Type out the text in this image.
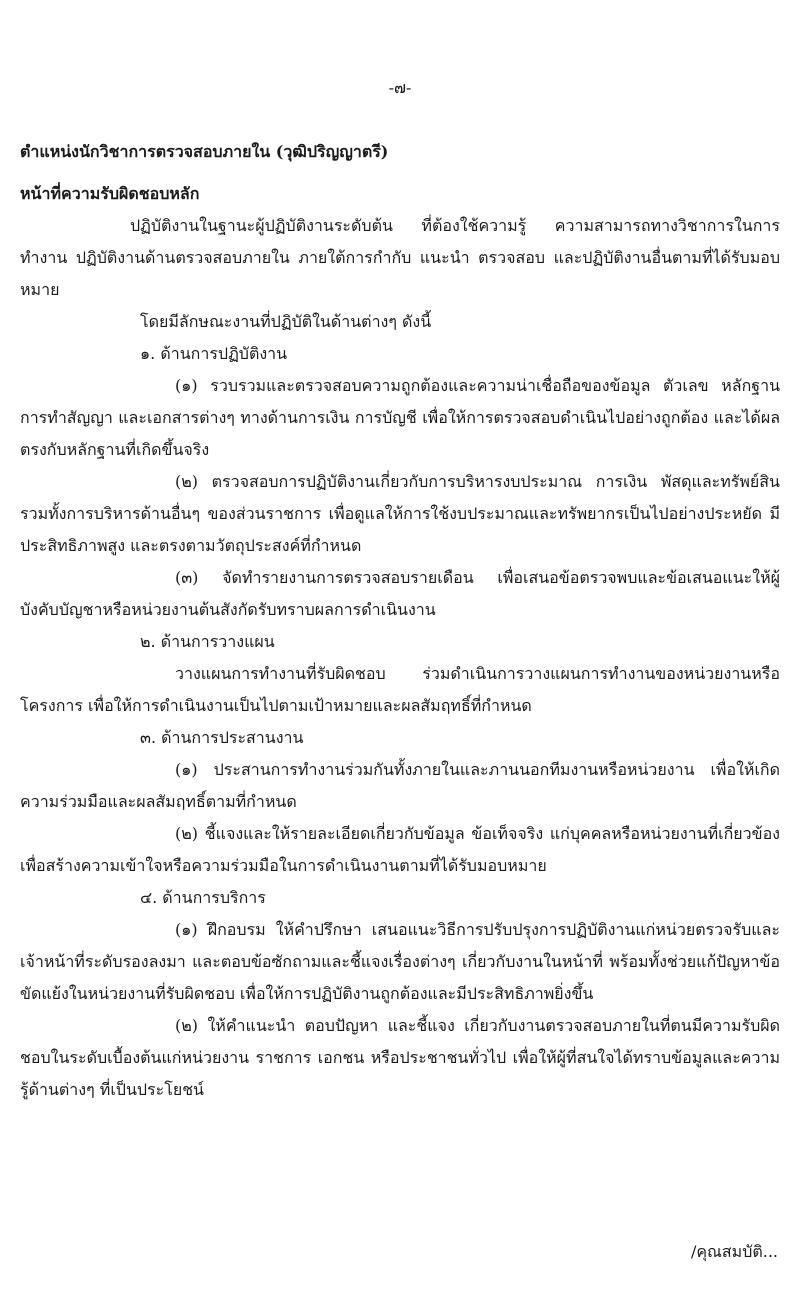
-๗-

ตำแหน่งนักวิชาการตรวจสอบภายใน (วุฒิปริญญาตรี)

หน้าที่ความรับผิดชอบหลัก

ปฏิบัติงานในฐานะผู้ปฏิบัติงานระดับต้น ที่ต้องใช้ความรู้ ความสามารถทางวิชาการในการทำงาน ปฏิบัติงานด้านตรวจสอบภายใน ภายใต้การกำกับ แนะนำ ตรวจสอบ และปฏิบัติงานอื่นตามที่ได้รับมอบหมาย

โดยมีลักษณะงานที่ปฏิบัติในด้านต่างๆ ดังนี้

๑. ด้านการปฏิบัติงาน

(๑) รวบรวมและตรวจสอบความถูกต้องและความน่าเชื่อถือของข้อมูล ตัวเลข หลักฐาน การทำสัญญา และเอกสารต่างๆ ทางด้านการเงิน การบัญชี เพื่อให้การตรวจสอบดำเนินไปอย่างถูกต้อง และได้ผลตรงกับหลักฐานที่เกิดขึ้นจริง

(๒) ตรวจสอบการปฏิบัติงานเกี่ยวกับการบริหารงบประมาณ การเงิน พัสดุและทรัพย์สิน รวมทั้งการบริหารด้านอื่นๆ ของส่วนราชการ เพื่อดูแลให้การใช้งบประมาณและทรัพยากรเป็นไปอย่างประหยัด มีประสิทธิภาพสูง และตรงตามวัตถุประสงค์ที่กำหนด

(๓) จัดทำรายงานการตรวจสอบรายเดือน เพื่อเสนอข้อตรวจพบและข้อเสนอแนะให้ผู้บังคับบัญชาหรือหน่วยงานต้นสังกัดรับทราบผลการดำเนินงาน

๒. ด้านการวางแผน

วางแผนการทำงานที่รับผิดชอบ ร่วมดำเนินการวางแผนการทำงานของหน่วยงานหรือโครงการ เพื่อให้การดำเนินงานเป็นไปตามเป้าหมายและผลสัมฤทธิ์ที่กำหนด

๓. ด้านการประสานงาน

(๑) ประสานการทำงานร่วมกันทั้งภายในและภานนอกทีมงานหรือหน่วยงาน เพื่อให้เกิดความร่วมมือและผลสัมฤทธิ์ตามที่กำหนด

(๒) ชี้แจงและให้รายละเอียดเกี่ยวกับข้อมูล ข้อเท็จจริง แก่บุคคลหรือหน่วยงานที่เกี่ยวข้องเพื่อสร้างความเข้าใจหรือความร่วมมือในการดำเนินงานตามที่ได้รับมอบหมาย

๔. ด้านการบริการ

(๑) ฝึกอบรม ให้คำปรึกษา เสนอแนะวิธีการปรับปรุงการปฏิบัติงานแก่หน่วยตรวจรับและเจ้าหน้าที่ระดับรองลงมา และตอบข้อซักถามและชี้แจงเรื่องต่างๆ เกี่ยวกับงานในหน้าที่ พร้อมทั้งช่วยแก้ปัญหาข้อขัดแย้งในหน่วยงานที่รับผิดชอบ เพื่อให้การปฏิบัติงานถูกต้องและมีประสิทธิภาพยิ่งขึ้น

(๒) ให้คำแนะนำ ตอบปัญหา และชี้แจง เกี่ยวกับงานตรวจสอบภายในที่ตนมีความรับผิดชอบในระดับเบื้องต้นแก่หน่วยงาน ราชการ เอกชน หรือประชาชนทั่วไป เพื่อให้ผู้ที่สนใจได้ทราบข้อมูลและความรู้ด้านต่างๆ ที่เป็นประโยชน์

/คุณสมบัติ...
